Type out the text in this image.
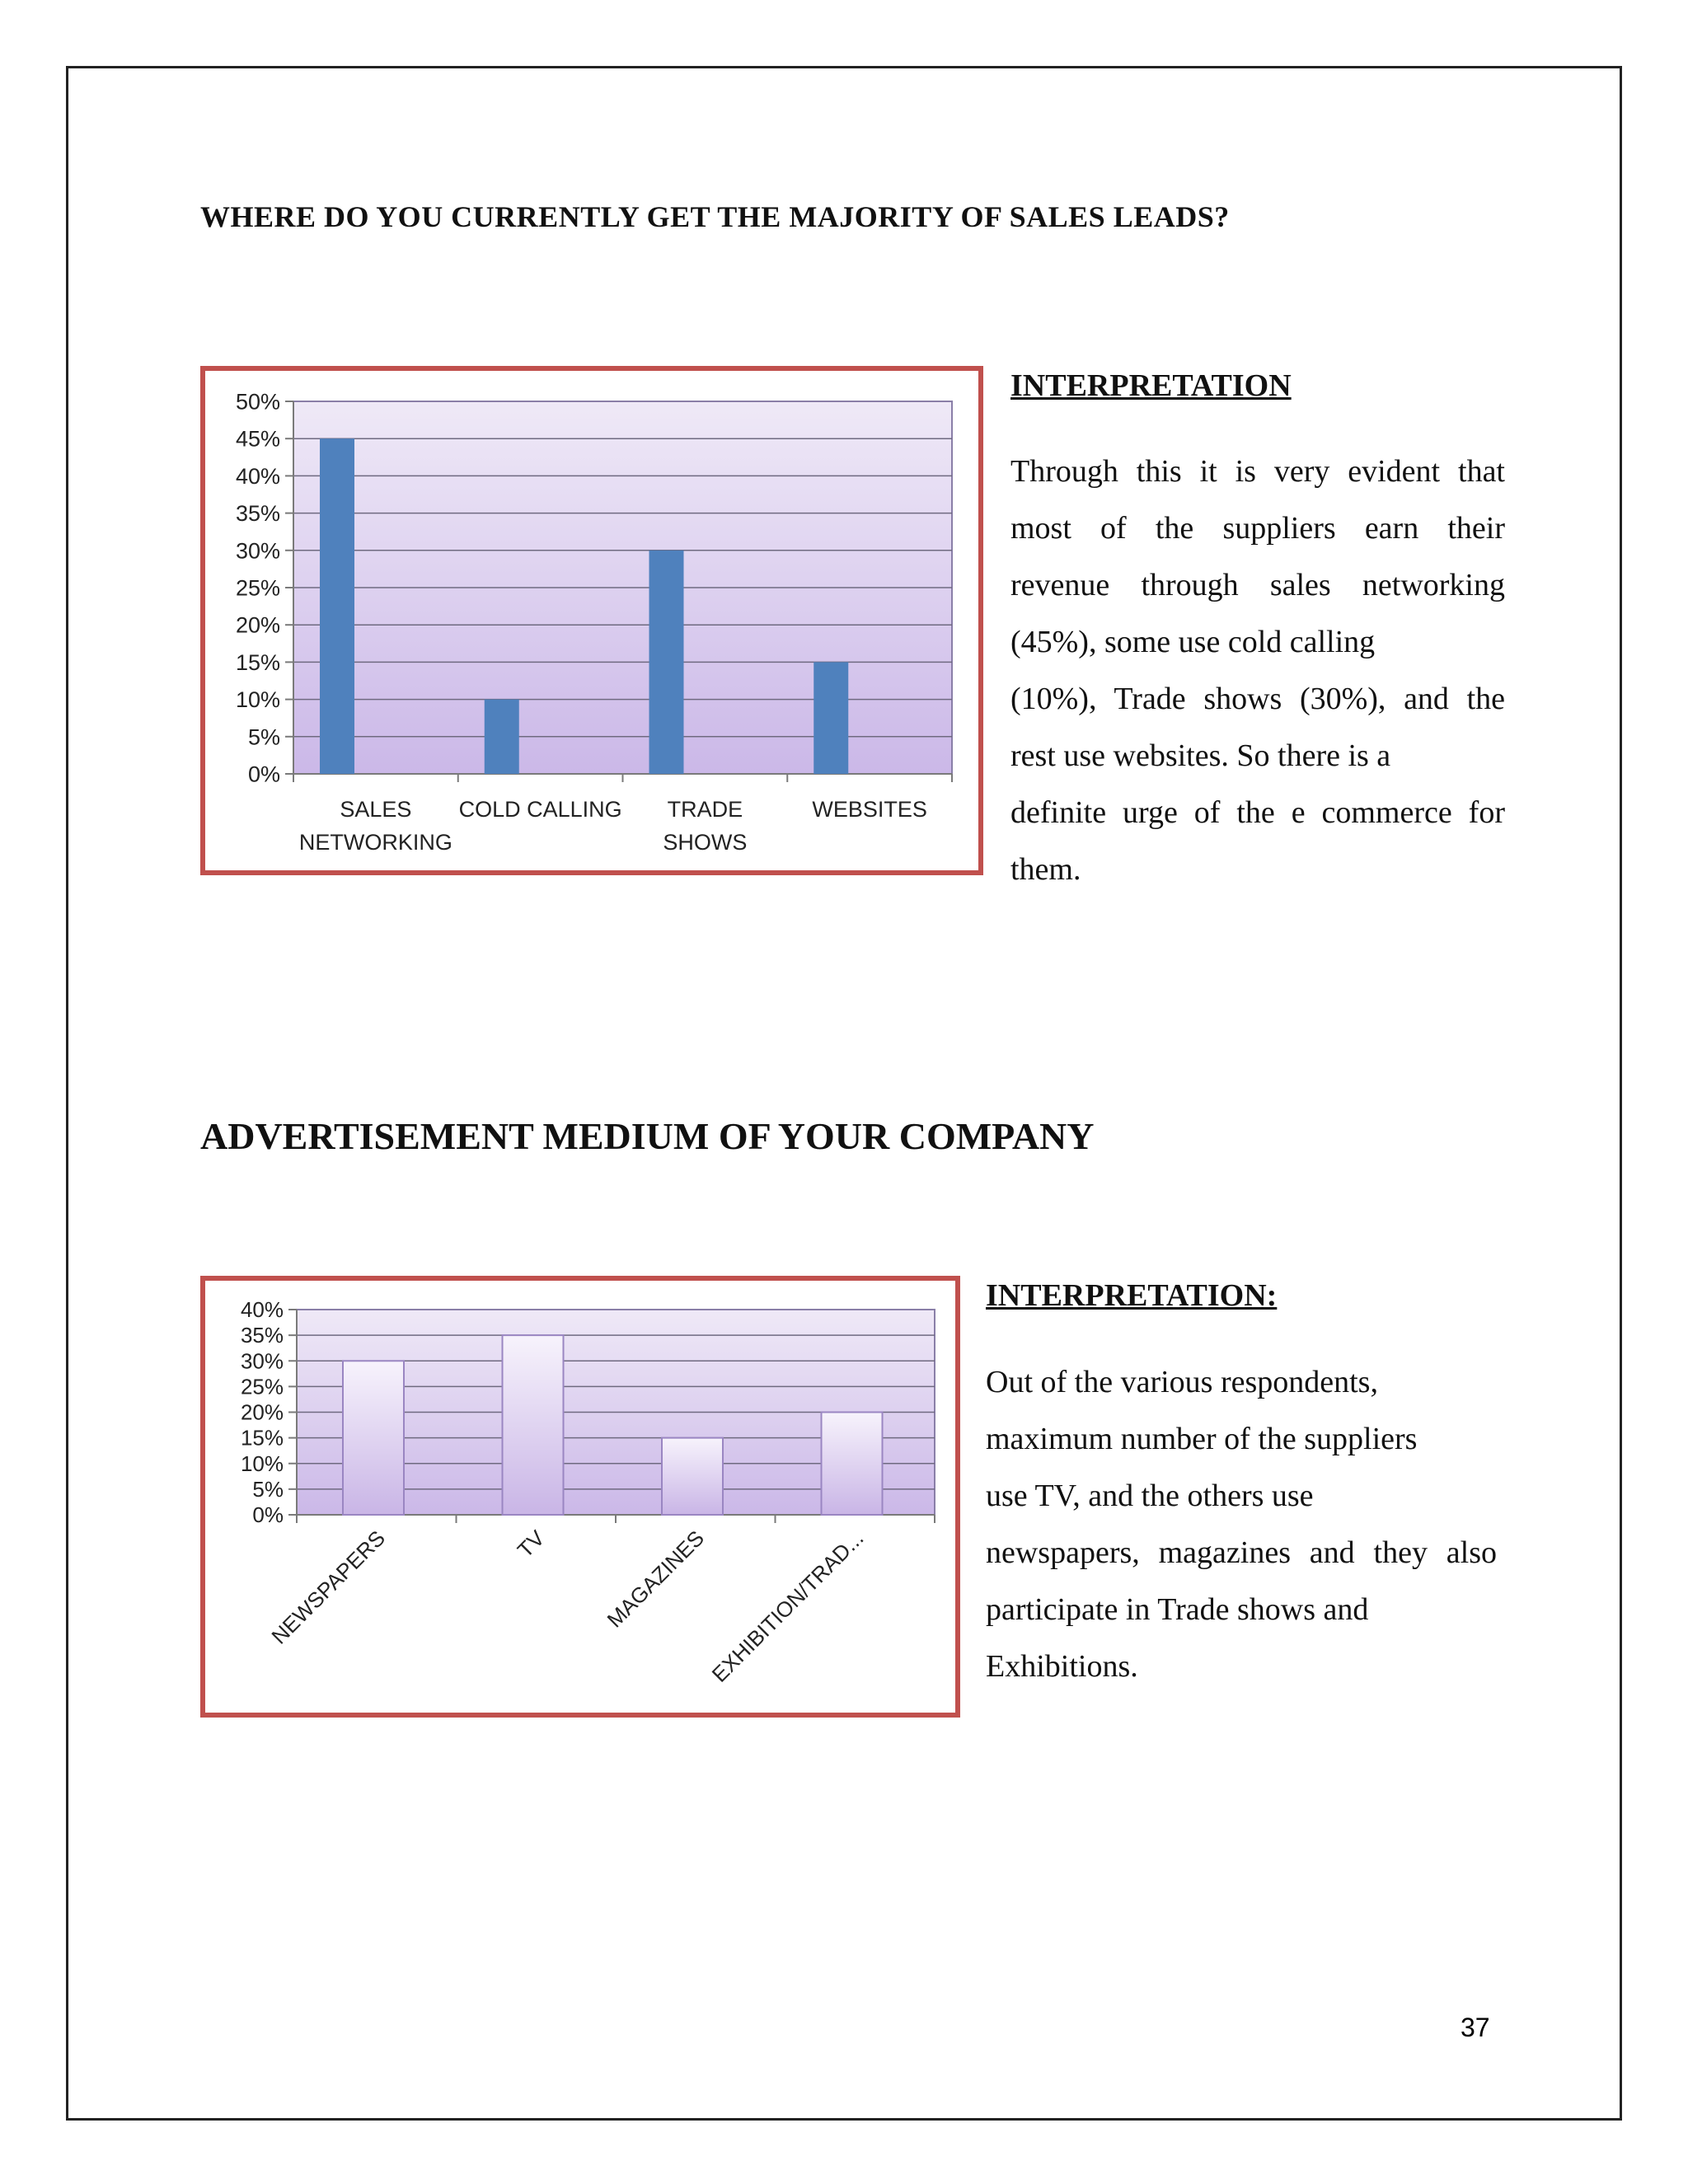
WHERE DO YOU CURRENTLY GET THE MAJORITY OF SALES LEADS?
0%
5%
10%
15%
20%
25%
30%
35%
40%
45%
50%
SALES
NETWORKING
COLD CALLING TRADE
SHOWS
WEBSITES
INTERPRETATION
Through this it is very evident that
most of the suppliers earn their
revenue through sales networking
(45%), some use cold calling
(10%), Trade shows (30%), and the
rest use websites. So there is a
definite urge of the e commerce for
them.
ADVERTISEMENT MEDIUM OF YOUR COMPANY
0%
5%
10%
15%
20%
25%
30%
35%
40%
NEWSPAPERS	TV MAGAZINES
EXHIBITION/TRAD...
INTERPRETATION:
Out of the various respondents,
maximum number of the suppliers
use TV, and the others use
newspapers, magazines and they also
participate in Trade shows and
Exhibitions.
37
